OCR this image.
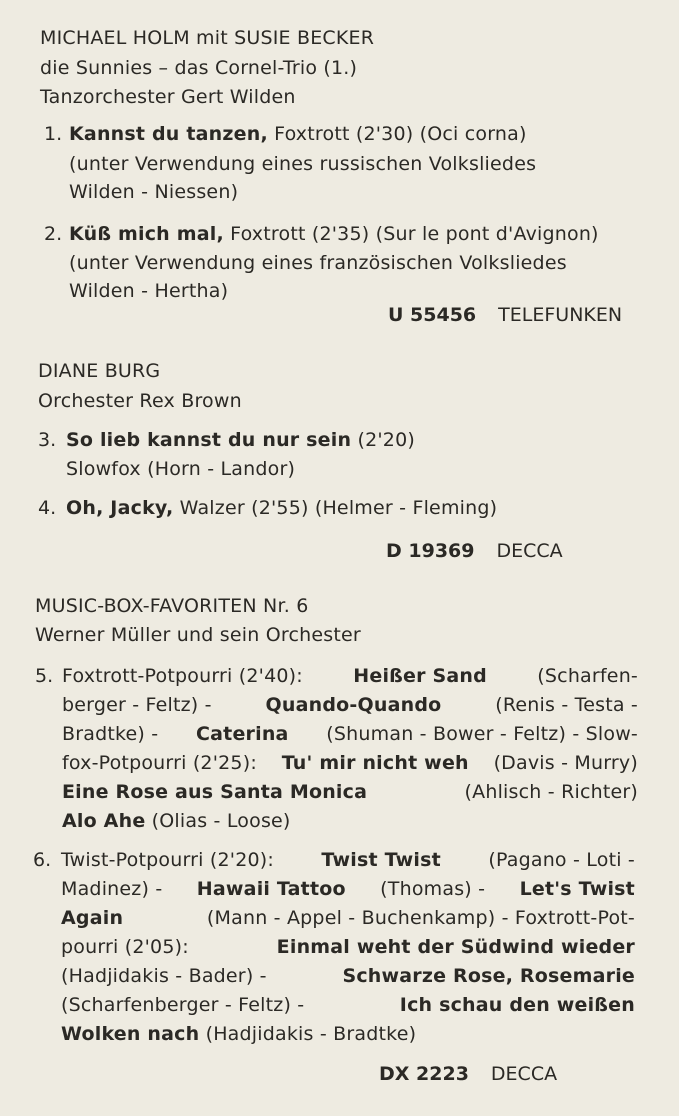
MICHAEL HOLM mit SUSIE BECKER
die Sunnies – das Cornel-Trio (1.)
Tanzorchester Gert Wilden
1. Kannst du tanzen, Foxtrott (2'30) (Oci corna)
(unter Verwendung eines russischen Volksliedes
Wilden - Niessen)
2. Küß mich mal, Foxtrott (2'35) (Sur le pont d'Avignon)
(unter Verwendung eines französischen Volksliedes
Wilden - Hertha)
U 55456 TELEFUNKEN
DIANE BURG
Orchester Rex Brown
3. So lieb kannst du nur sein (2'20)
Slowfox (Horn - Landor)
4. Oh, Jacky, Walzer (2'55) (Helmer - Fleming)
D 19369 DECCA
MUSIC-BOX-FAVORITEN Nr. 6
Werner Müller und sein Orchester
5. Foxtrott-Potpourri (2'40):	Heißer Sand	(Scharfen-
berger - Feltz) -	Quando-Quando	(Renis - Testa -
Bradtke) - Caterina (Shuman - Bower - Feltz) - Slow-
fox-Potpourri (2'25): Tu' mir nicht weh (Davis - Murry)
Eine Rose aus Santa Monica	(Ahlisch - Richter)
Alo Ahe (Olias - Loose)
6. Twist-Potpourri (2'20): Twist Twist (Pagano - Loti -
Madinez) - Hawaii Tattoo (Thomas) - Let's Twist
Again	(Mann - Appel - Buchenkamp) - Foxtrott-Pot-
pourri (2'05):	Einmal weht der Südwind wieder
(Hadjidakis - Bader) -	Schwarze Rose, Rosemarie
(Scharfenberger - Feltz) -	Ich schau den weißen
Wolken nach (Hadjidakis - Bradtke)
DX 2223 DECCA
